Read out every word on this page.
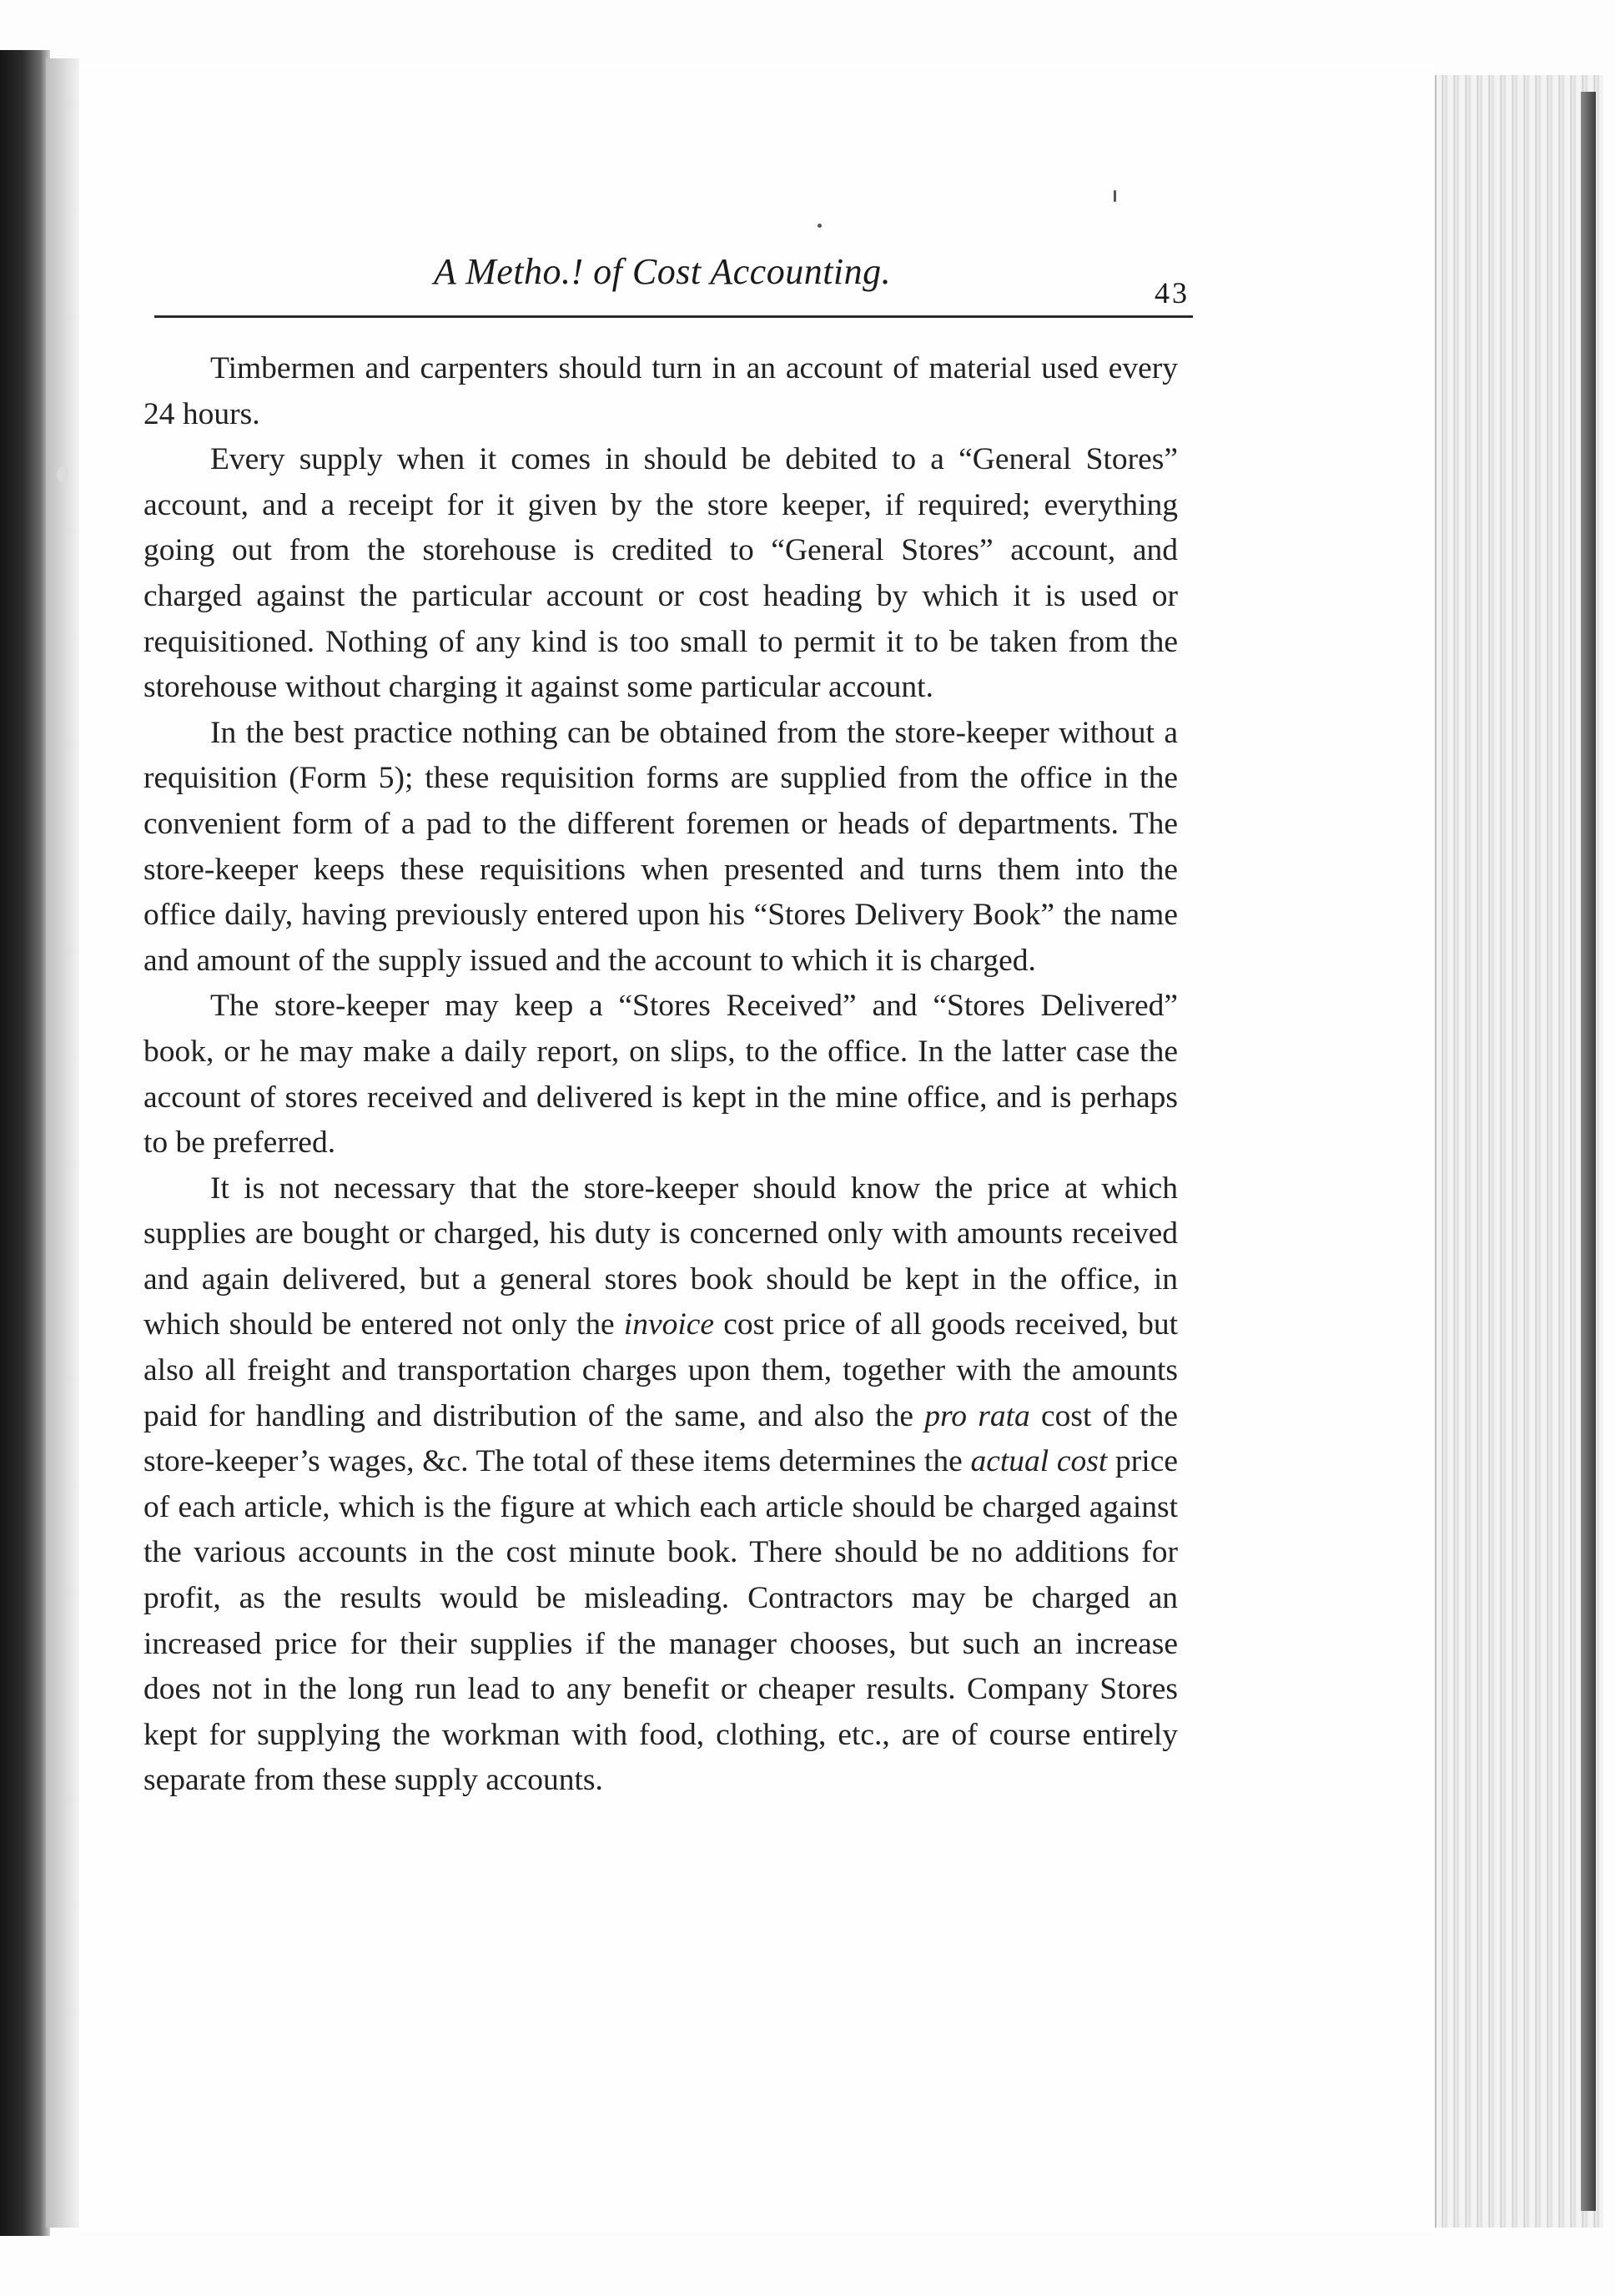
A Metho.! of Cost Accounting.
43

Timbermen and carpenters should turn in an account of material used every 24 hours.

Every supply when it comes in should be debited to a “General Stores” account, and a receipt for it given by the store keeper, if required; everything going out from the storehouse is credited to “General Stores” account, and charged against the particular account or cost heading by which it is used or requisitioned. Nothing of any kind is too small to permit it to be taken from the storehouse without charging it against some particular account.

In the best practice nothing can be obtained from the store-keeper without a requisition (Form 5); these requisition forms are supplied from the office in the convenient form of a pad to the different foremen or heads of departments. The store-keeper keeps these requisitions when presented and turns them into the office daily, having previously entered upon his “Stores Delivery Book” the name and amount of the supply issued and the account to which it is charged.

The store-keeper may keep a “Stores Received” and “Stores Delivered” book, or he may make a daily report, on slips, to the office. In the latter case the account of stores received and delivered is kept in the mine office, and is perhaps to be preferred.

It is not necessary that the store-keeper should know the price at which supplies are bought or charged, his duty is concerned only with amounts received and again delivered, but a general stores book should be kept in the office, in which should be entered not only the invoice cost price of all goods received, but also all freight and transportation charges upon them, together with the amounts paid for handling and distribution of the same, and also the pro rata cost of the store-keeper’s wages, &c. The total of these items determines the actual cost price of each article, which is the figure at which each article should be charged against the various accounts in the cost minute book. There should be no additions for profit, as the results would be misleading. Contractors may be charged an increased price for their supplies if the manager chooses, but such an increase does not in the long run lead to any benefit or cheaper results. Company Stores kept for supplying the workman with food, clothing, etc., are of course entirely separate from these supply accounts.
